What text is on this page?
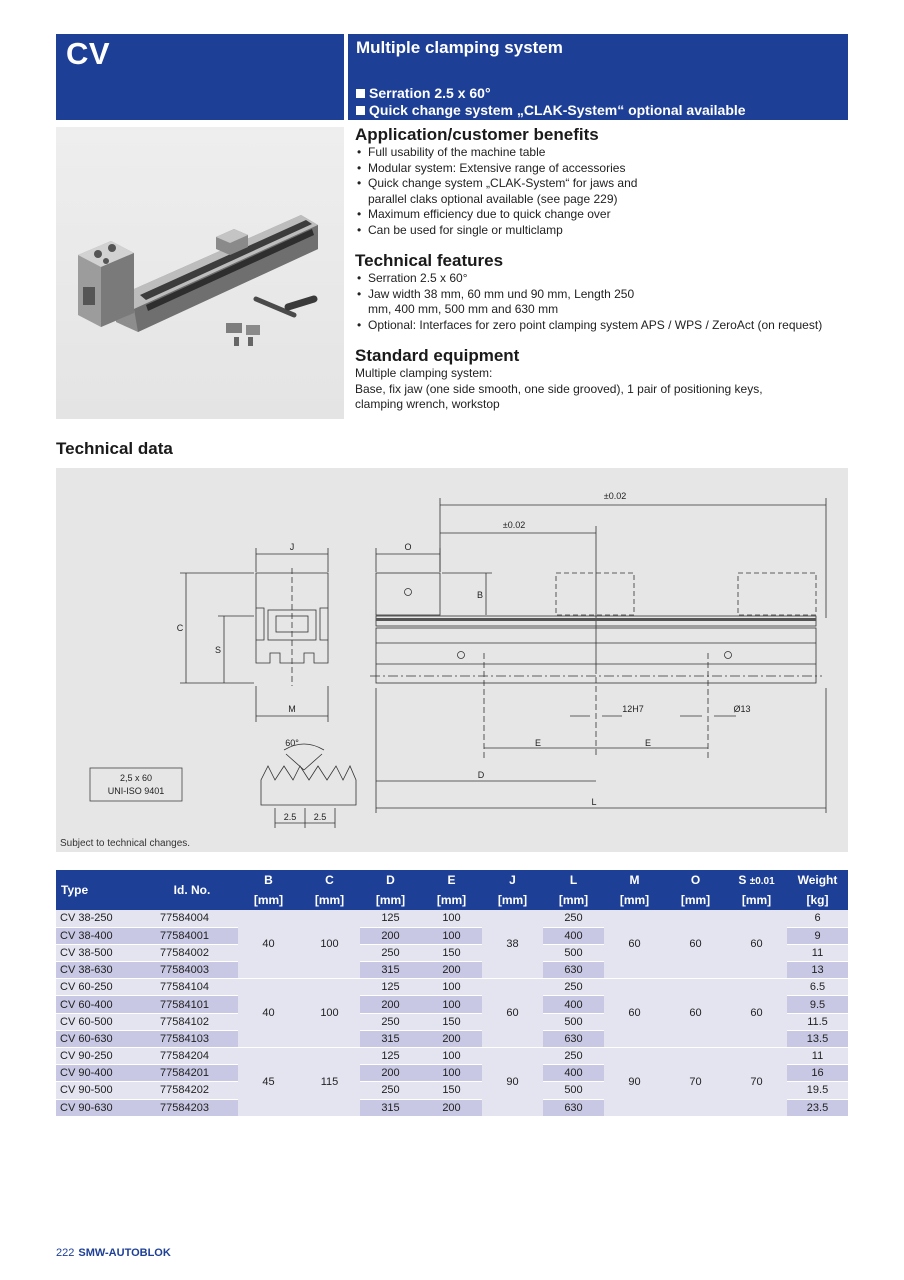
CV	Multiple clamping system
Serration 2.5 x 60°
Quick change system „CLAK-System“ optional available
Application/customer benefits
• Full usability of the machine table
• Modular system: Extensive range of accessories
• Quick change system „CLAK-System“ for jaws and parallel claks optional available (see page 229)
• Maximum efficiency due to quick change over
• Can be used for single or multiclamp
Technical features
• Serration 2.5 x 60°
• Jaw width 38 mm, 60 mm und 90 mm, Length 250 mm, 400 mm, 500 mm and 630 mm
• Optional: Interfaces for zero point clamping system APS / WPS / ZeroAct (on request)
Standard equipment
Multiple clamping system:
Base, fix jaw (one side smooth, one side grooved), 1 pair of positioning keys,
clamping wrench, workstop
Technical data
J
C
S
M
O
B
±0.02
±0.02
12H7	Ø13
E	E
D
L
60°
2.5 2.5
2,5 x 60
UNI-ISO 9401
Subject to technical changes.
Type	Id. No.	B	C	D	E	J	L	M	O	S ±0.01	Weight
		[mm]	[mm]	[mm]	[mm]	[mm]	[mm]	[mm]	[mm]	[mm]	[kg]
CV 38-250	77584004	40	100	125	100	38	250	60	60	60	6
CV 38-400	77584001			200	100		400				9
CV 38-500	77584002			250	150		500				11
CV 38-630	77584003			315	200		630				13
CV 60-250	77584104	40	100	125	100	60	250	60	60	60	6.5
CV 60-400	77584101			200	100		400				9.5
CV 60-500	77584102			250	150		500				11.5
CV 60-630	77584103			315	200		630				13.5
CV 90-250	77584204	45	115	125	100	90	250	90	70	70	11
CV 90-400	77584201			200	100		400				16
CV 90-500	77584202			250	150		500				19.5
CV 90-630	77584203			315	200		630				23.5
222 SMW-AUTOBLOK
